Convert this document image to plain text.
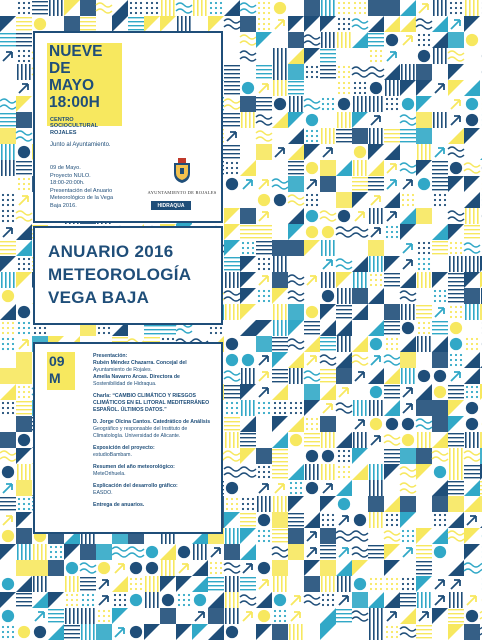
NUEVE
DE
MAYO
18:00H
CENTRO
SOCIOCULTURAL
ROJALES
Junto al Ayuntamiento.
09 de Mayo.
Proyecto NULO.
18:00-20:00h.
Presentación del Anuario
Meteorológico de la Vega
Baja 2016.
AYUNTAMIENTO DE ROJALES
HIDRAQUA
ANUARIO 2016
METEOROLOGÍA
VEGA BAJA
09
M
Presentación:
Rubén Méndez Chazarra. Concejal del
Ayuntamiento de Rojales.
Amelia Navarro Arcas. Directora de
Sostenibilidad de Hidraqua.
Charla: “CAMBIO CLIMÁTICO Y RIESGOS
CLIMÁTICOS EN EL LITORAL MEDITERRÁNEO
ESPAÑOL. ÚLTIMOS DATOS.”
D. Jorge Olcina Cantos. Catedrático de Análisis
Geográfico y responsable del Instituto de
Climatología. Universidad de Alicante.
Exposición del proyecto:
estudioBambam.
Resumen del año meteorológico:
MeteOrihuela.
Explicación del desarrollo gráfico:
EASDO.
Entrega de anuarios.
